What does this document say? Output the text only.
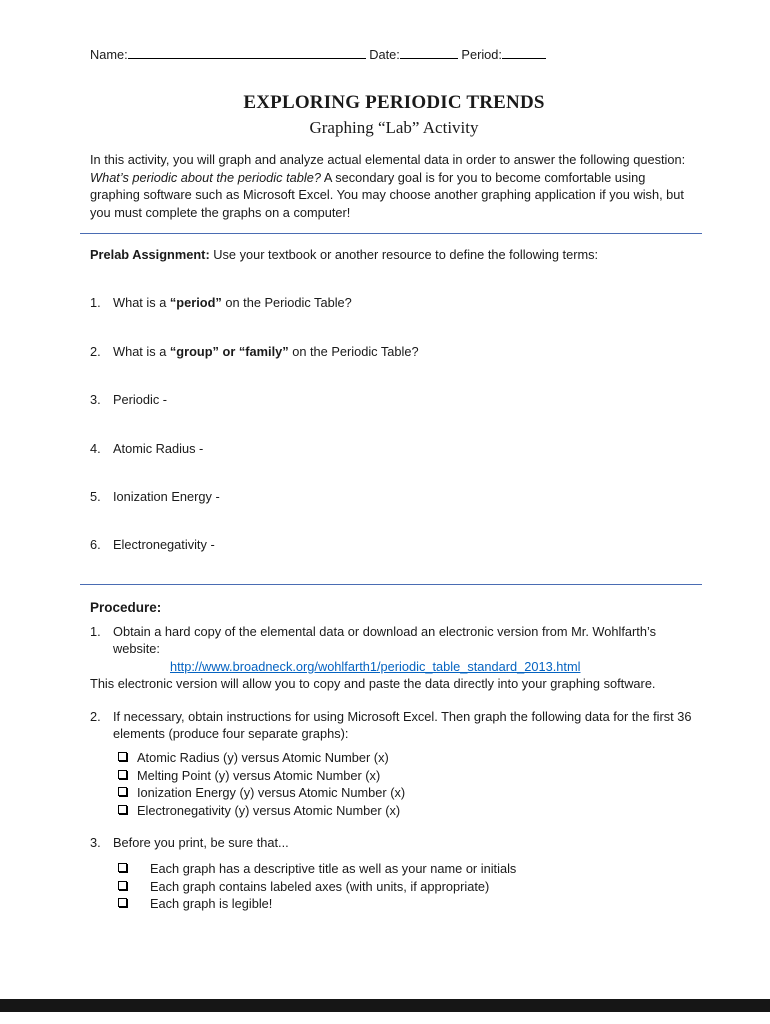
Name:	Date:	Period:
EXPLORING PERIODIC TRENDS
Graphing “Lab” Activity

In this activity, you will graph and analyze actual elemental data in order to answer the following question: What’s periodic about the periodic table? A secondary goal is for you to become comfortable using graphing software such as Microsoft Excel. You may choose another graphing application if you wish, but you must complete the graphs on a computer!

Prelab Assignment: Use your textbook or another resource to define the following terms:

1. What is a “period” on the Periodic Table?
2. What is a “group” or “family” on the Periodic Table?
3. Periodic -
4. Atomic Radius -
5. Ionization Energy -
6. Electronegativity -

Procedure:

1. Obtain a hard copy of the elemental data or download an electronic version from Mr. Wohlfarth’s website:

http://www.broadneck.org/wohlfarth1/periodic_table_standard_2013.html

This electronic version will allow you to copy and paste the data directly into your graphing software.

2. If necessary, obtain instructions for using Microsoft Excel. Then graph the following data for the first 36 elements (produce four separate graphs):

Atomic Radius (y) versus Atomic Number (x)
Melting Point (y) versus Atomic Number (x)
Ionization Energy (y) versus Atomic Number (x)
Electronegativity (y) versus Atomic Number (x)
3. Before you print, be sure that...

Each graph has a descriptive title as well as your name or initials
Each graph contains labeled axes (with units, if appropriate)
Each graph is legible!
